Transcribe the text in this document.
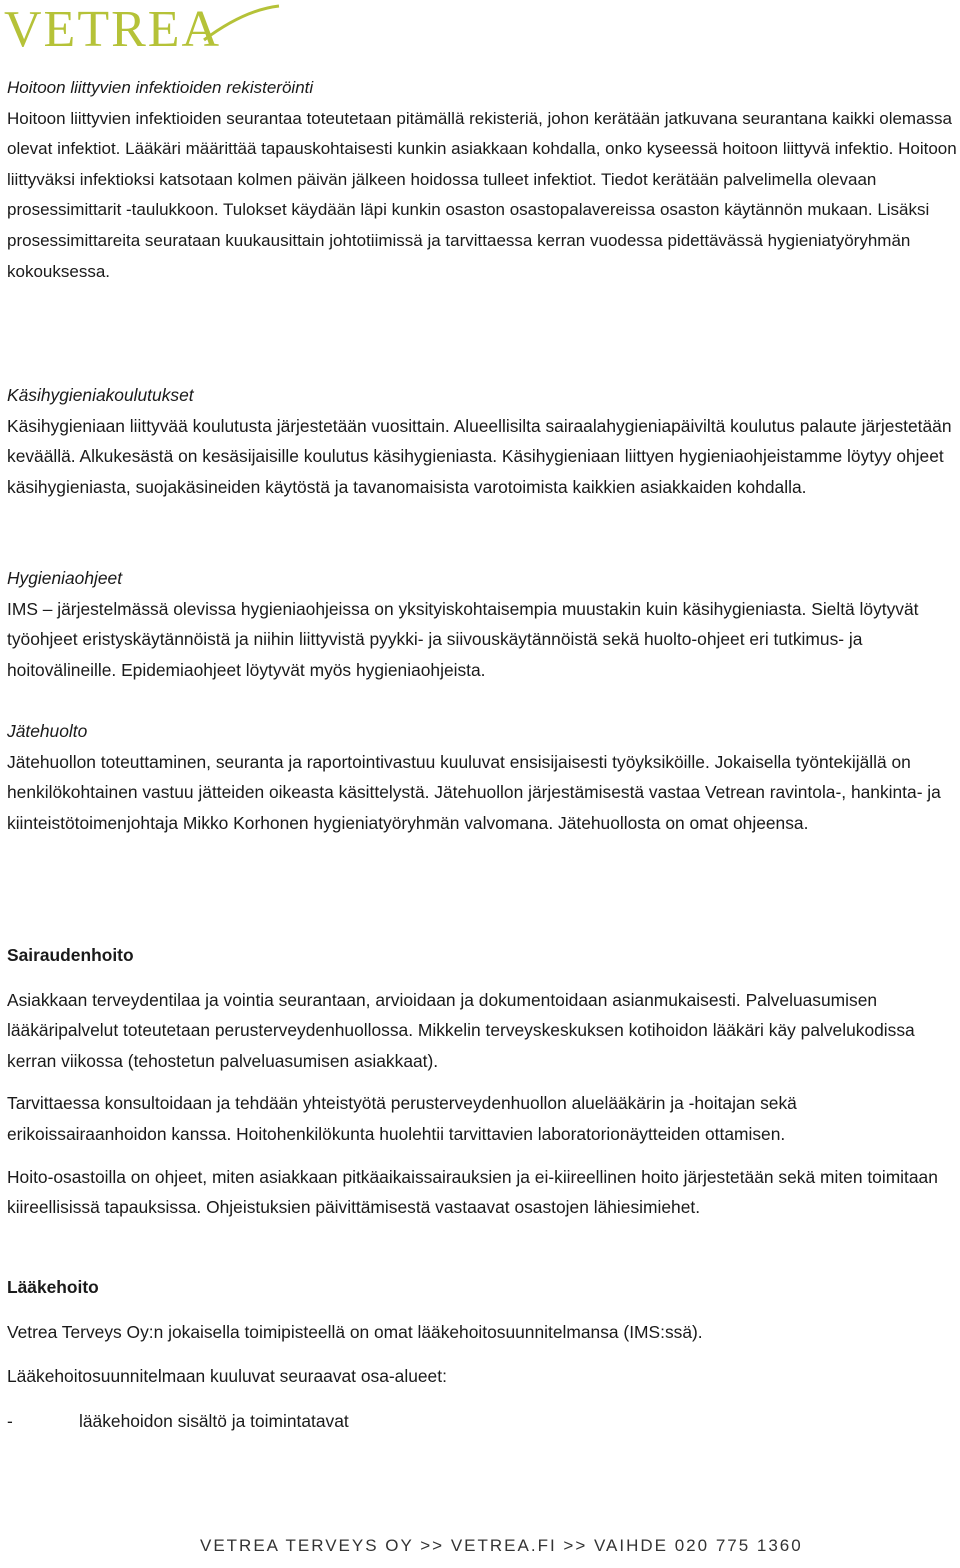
VETREA
Hoitoon liittyvien infektioiden rekisteröinti

Hoitoon liittyvien infektioiden seurantaa toteutetaan pitämällä rekisteriä, johon kerätään jatkuvana seurantana kaikki olemassa olevat infektiot. Lääkäri määrittää tapauskohtaisesti kunkin asiakkaan kohdalla, onko kyseessä hoitoon liittyvä infektio. Hoitoon liittyväksi infektioksi katsotaan kolmen päivän jälkeen hoidossa tulleet infektiot. Tiedot kerätään palvelimella olevaan prosessimittarit -taulukkoon. Tulokset käydään läpi kunkin osaston osastopalavereissa osaston käytännön mukaan. Lisäksi prosessimittareita seurataan kuukausittain johtotiimissä ja tarvittaessa kerran vuodessa pidettävässä hygieniatyöryhmän kokouksessa.

Käsihygieniakoulutukset

Käsihygieniaan liittyvää koulutusta järjestetään vuosittain. Alueellisilta sairaalahygieniapäiviltä koulutus palaute järjestetään keväällä. Alkukesästä on kesäsijaisille koulutus käsihygieniasta. Käsihygieniaan liittyen hygieniaohjeistamme löytyy ohjeet käsihygieniasta, suojakäsineiden käytöstä ja tavanomaisista varotoimista kaikkien asiakkaiden kohdalla.

Hygieniaohjeet

IMS – järjestelmässä olevissa hygieniaohjeissa on yksityiskohtaisempia muustakin kuin käsihygieniasta. Sieltä löytyvät työohjeet eristyskäytännöistä ja niihin liittyvistä pyykki- ja siivouskäytännöistä sekä huolto-ohjeet eri tutkimus- ja hoitovälineille. Epidemiaohjeet löytyvät myös hygieniaohjeista.

Jätehuolto

Jätehuollon toteuttaminen, seuranta ja raportointivastuu kuuluvat ensisijaisesti työyksiköille. Jokaisella työntekijällä on henkilökohtainen vastuu jätteiden oikeasta käsittelystä. Jätehuollon järjestämisestä vastaa Vetrean ravintola-, hankinta- ja kiinteistötoimenjohtaja Mikko Korhonen hygieniatyöryhmän valvomana. Jätehuollosta on omat ohjeensa.

Sairaudenhoito

Asiakkaan terveydentilaa ja vointia seurantaan, arvioidaan ja dokumentoidaan asianmukaisesti. Palveluasumisen lääkäripalvelut toteutetaan perusterveydenhuollossa. Mikkelin terveyskeskuksen kotihoidon lääkäri käy palvelukodissa kerran viikossa (tehostetun palveluasumisen asiakkaat).

Tarvittaessa konsultoidaan ja tehdään yhteistyötä perusterveydenhuollon aluelääkärin ja -hoitajan sekä erikoissairaanhoidon kanssa. Hoitohenkilökunta huolehtii tarvittavien laboratorionäytteiden ottamisen.

Hoito-osastoilla on ohjeet, miten asiakkaan pitkäaikaissairauksien ja ei-kiireellinen hoito järjestetään sekä miten toimitaan kiireellisissä tapauksissa. Ohjeistuksien päivittämisestä vastaavat osastojen lähiesimiehet.

Lääkehoito

Vetrea Terveys Oy:n jokaisella toimipisteellä on omat lääkehoitosuunnitelmansa (IMS:ssä).

Lääkehoitosuunnitelmaan kuuluvat seuraavat osa-alueet:

-	lääkehoidon sisältö ja toimintatavat
VETREA TERVEYS OY >> VETREA.FI >> VAIHDE 020 775 1360
